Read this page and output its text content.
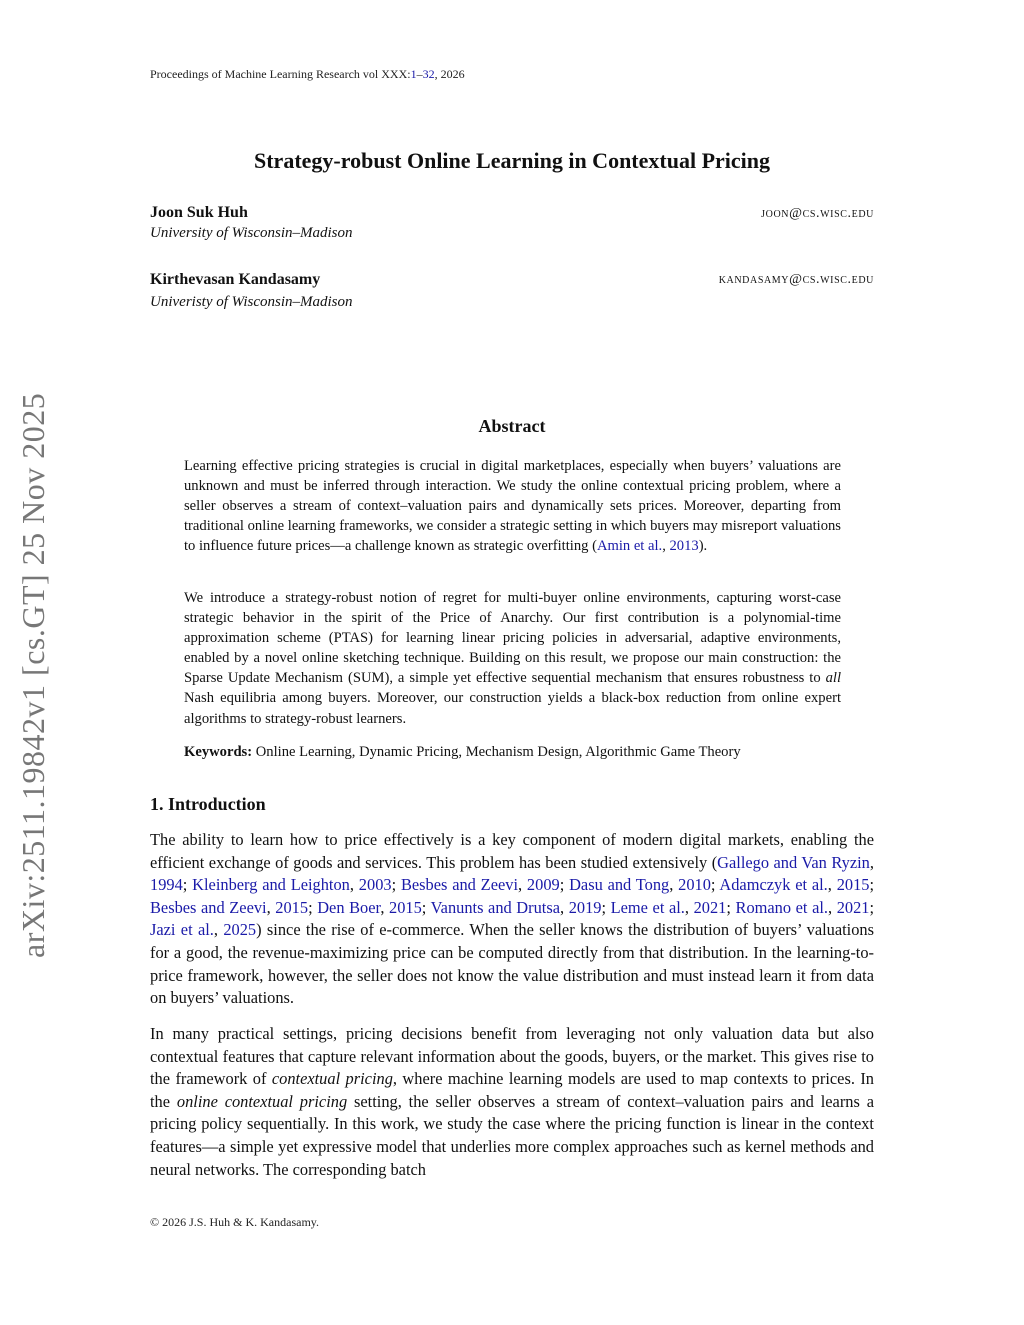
Proceedings of Machine Learning Research vol XXX:1–32, 2026
Strategy-robust Online Learning in Contextual Pricing
Joon Suk Huh
University of Wisconsin–Madison
joon@cs.wisc.edu
Kirthevasan Kandasamy
Univeristy of Wisconsin–Madison
kandasamy@cs.wisc.edu
arXiv:2511.19842v1 [cs.GT] 25 Nov 2025	Abstract
Learning effective pricing strategies is crucial in digital marketplaces, especially when buyers’ valuations are unknown and must be inferred through interaction. We study the online contextual pricing problem, where a seller observes a stream of context–valuation pairs and dynamically sets prices. Moreover, departing from traditional online learning frameworks, we consider a strategic setting in which buyers may misreport valuations to influence future prices—a challenge known as strategic overfitting (Amin et al., 2013).
We introduce a strategy-robust notion of regret for multi-buyer online environments, capturing worst-case strategic behavior in the spirit of the Price of Anarchy. Our first contribution is a polynomial-time approximation scheme (PTAS) for learning linear pricing policies in adversarial, adaptive environments, enabled by a novel online sketching technique. Building on this result, we propose our main construction: the Sparse Update Mechanism (SUM), a simple yet effective sequential mechanism that ensures robustness to all Nash equilibria among buyers. Moreover, our construction yields a black-box reduction from online expert algorithms to strategy-robust learners.
Keywords: Online Learning, Dynamic Pricing, Mechanism Design, Algorithmic Game Theory
1. Introduction
The ability to learn how to price effectively is a key component of modern digital markets, enabling the efficient exchange of goods and services. This problem has been studied extensively (Gallego and Van Ryzin, 1994; Kleinberg and Leighton, 2003; Besbes and Zeevi, 2009; Dasu and Tong, 2010; Adamczyk et al., 2015; Besbes and Zeevi, 2015; Den Boer, 2015; Vanunts and Drutsa, 2019; Leme et al., 2021; Romano et al., 2021; Jazi et al., 2025) since the rise of e-commerce. When the seller knows the distribution of buyers’ valuations for a good, the revenue-maximizing price can be computed directly from that distribution. In the learning-to-price framework, however, the seller does not know the value distribution and must instead learn it from data on buyers’ valuations.
In many practical settings, pricing decisions benefit from leveraging not only valuation data but also contextual features that capture relevant information about the goods, buyers, or the market. This gives rise to the framework of contextual pricing, where machine learning models are used to map contexts to prices. In the online contextual pricing setting, the seller observes a stream of context–valuation pairs and learns a pricing policy sequentially. In this work, we study the case where the pricing function is linear in the context features—a simple yet expressive model that underlies more complex approaches such as kernel methods and neural networks. The corresponding batch
© 2026 J.S. Huh & K. Kandasamy.
